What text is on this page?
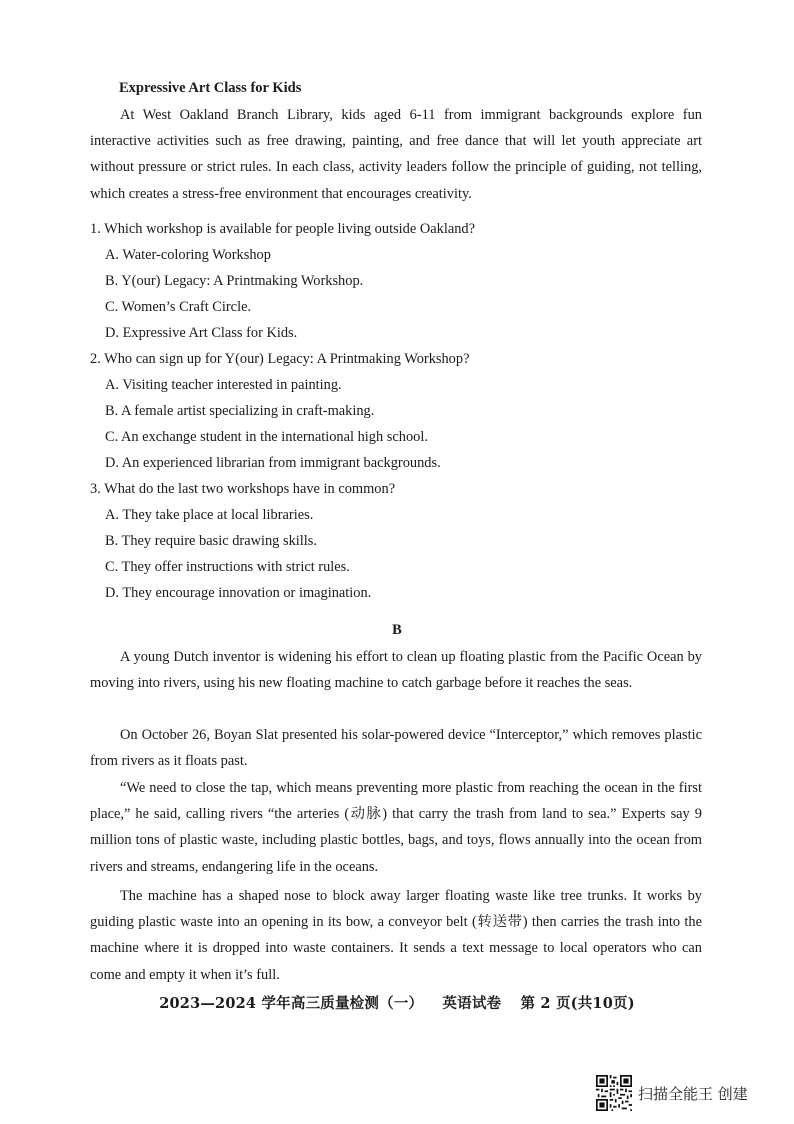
Expressive Art Class for Kids

At West Oakland Branch Library, kids aged 6-11 from immigrant backgrounds explore fun interactive activities such as free drawing, painting, and free dance that will let youth appreciate art without pressure or strict rules. In each class, activity leaders follow the principle of guiding, not telling, which creates a stress-free environment that encourages creativity.

1. Which workshop is available for people living outside Oakland?

A. Water-coloring Workshop

B. Y(our) Legacy: A Printmaking Workshop.

C. Women’s Craft Circle.

D. Expressive Art Class for Kids.

2. Who can sign up for Y(our) Legacy: A Printmaking Workshop?

A. Visiting teacher interested in painting.

B. A female artist specializing in craft-making.

C. An exchange student in the international high school.

D. An experienced librarian from immigrant backgrounds.

3. What do the last two workshops have in common?

A. They take place at local libraries.

B. They require basic drawing skills.

C. They offer instructions with strict rules.

D. They encourage innovation or imagination.

B

A young Dutch inventor is widening his effort to clean up floating plastic from the Pacific Ocean by moving into rivers, using his new floating machine to catch garbage before it reaches the seas.

On October 26, Boyan Slat presented his solar-powered device “Interceptor,” which removes plastic from rivers as it floats past.

“We need to close the tap, which means preventing more plastic from reaching the ocean in the first place,” he said, calling rivers “the arteries (动脉) that carry the trash from land to sea.” Experts say 9 million tons of plastic waste, including plastic bottles, bags, and toys, flows annually into the ocean from rivers and streams, endangering life in the oceans.

The machine has a shaped nose to block away larger floating waste like tree trunks. It works by guiding plastic waste into an opening in its bow, a conveyor belt (转送带) then carries the trash into the machine where it is dropped into waste containers. It sends a text message to local operators who can come and empty it when it’s full.

2023—2024 学年高三质量检测（一） 英语试卷 第 2 页(共10页)
扫描全能王 创建
